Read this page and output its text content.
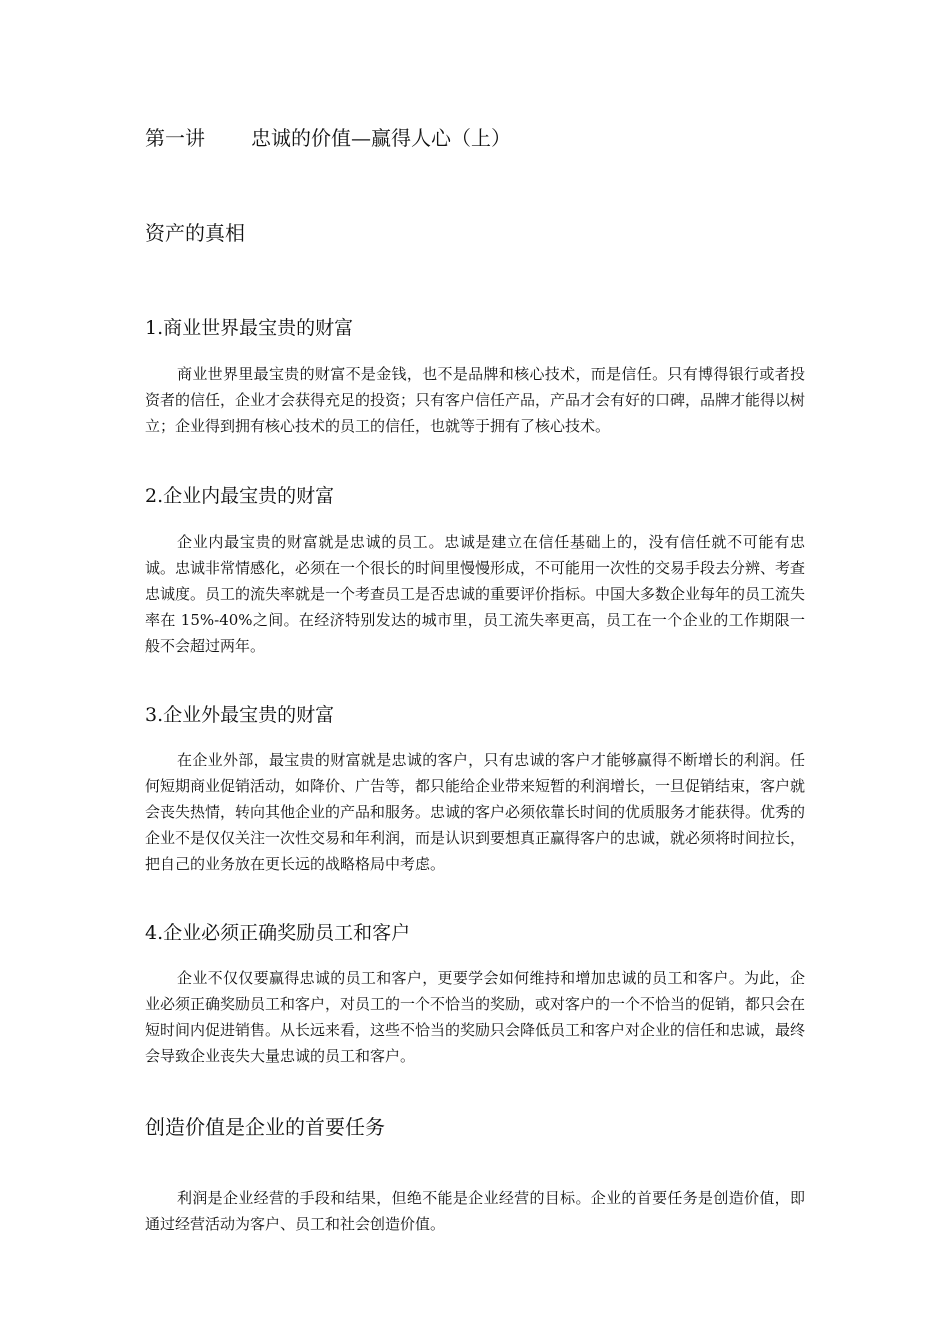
第一讲 忠诚的价值—赢得人心（上）
资产的真相
1.商业世界最宝贵的财富

商业世界里最宝贵的财富不是金钱，也不是品牌和核心技术，而是信任。只有博得银行或者投资者的信任，企业才会获得充足的投资；只有客户信任产品，产品才会有好的口碑，品牌才能得以树立；企业得到拥有核心技术的员工的信任，也就等于拥有了核心技术。

2.企业内最宝贵的财富

企业内最宝贵的财富就是忠诚的员工。忠诚是建立在信任基础上的，没有信任就不可能有忠诚。忠诚非常情感化，必须在一个很长的时间里慢慢形成，不可能用一次性的交易手段去分辨、考查忠诚度。员工的流失率就是一个考查员工是否忠诚的重要评价指标。中国大多数企业每年的员工流失率在 15%-40%之间。在经济特别发达的城市里，员工流失率更高，员工在一个企业的工作期限一般不会超过两年。

3.企业外最宝贵的财富

在企业外部，最宝贵的财富就是忠诚的客户，只有忠诚的客户才能够赢得不断增长的利润。任何短期商业促销活动，如降价、广告等，都只能给企业带来短暂的利润增长，一旦促销结束，客户就会丧失热情，转向其他企业的产品和服务。忠诚的客户必须依靠长时间的优质服务才能获得。优秀的企业不是仅仅关注一次性交易和年利润，而是认识到要想真正赢得客户的忠诚，就必须将时间拉长，把自己的业务放在更长远的战略格局中考虑。

4.企业必须正确奖励员工和客户

企业不仅仅要赢得忠诚的员工和客户，更要学会如何维持和增加忠诚的员工和客户。为此，企业必须正确奖励员工和客户，对员工的一个不恰当的奖励，或对客户的一个不恰当的促销，都只会在短时间内促进销售。从长远来看，这些不恰当的奖励只会降低员工和客户对企业的信任和忠诚，最终会导致企业丧失大量忠诚的员工和客户。

创造价值是企业的首要任务

利润是企业经营的手段和结果，但绝不能是企业经营的目标。企业的首要任务是创造价值，即通过经营活动为客户、员工和社会创造价值。
